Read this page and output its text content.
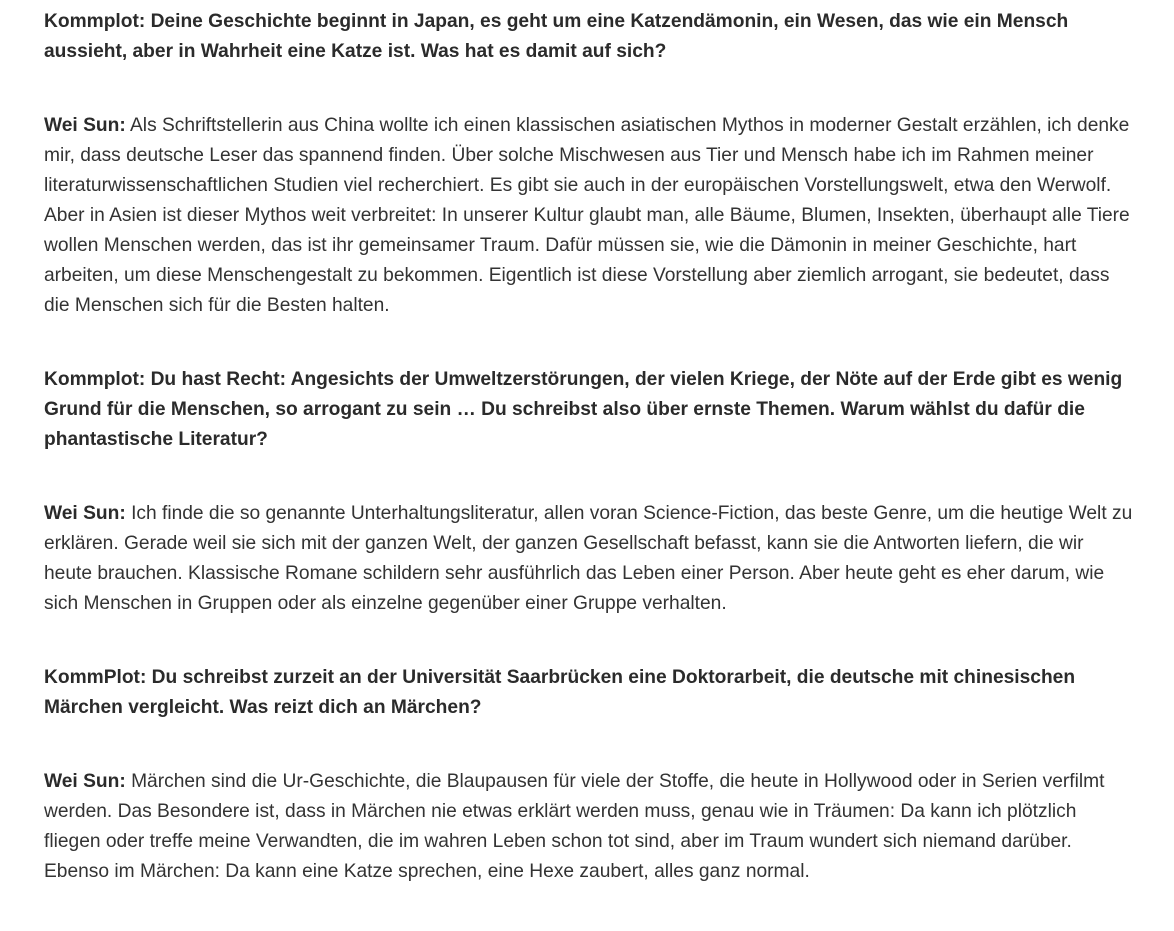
Kommplot: Deine Geschichte beginnt in Japan, es geht um eine Katzendämonin, ein Wesen, das wie ein Mensch aussieht, aber in Wahrheit eine Katze ist. Was hat es damit auf sich?

Wei Sun: Als Schriftstellerin aus China wollte ich einen klassischen asiatischen Mythos in moderner Gestalt erzählen, ich denke mir, dass deutsche Leser das spannend finden. Über solche Mischwesen aus Tier und Mensch habe ich im Rahmen meiner literaturwissenschaftlichen Studien viel recherchiert. Es gibt sie auch in der europäischen Vorstellungswelt, etwa den Werwolf. Aber in Asien ist dieser Mythos weit verbreitet: In unserer Kultur glaubt man, alle Bäume, Blumen, Insekten, überhaupt alle Tiere wollen Menschen werden, das ist ihr gemeinsamer Traum. Dafür müssen sie, wie die Dämonin in meiner Geschichte, hart arbeiten, um diese Menschengestalt zu bekommen. Eigentlich ist diese Vorstellung aber ziemlich arrogant, sie bedeutet, dass die Menschen sich für die Besten halten.

Kommplot: Du hast Recht: Angesichts der Umweltzerstörungen, der vielen Kriege, der Nöte auf der Erde gibt es wenig Grund für die Menschen, so arrogant zu sein … Du schreibst also über ernste Themen. Warum wählst du dafür die phantastische Literatur?

Wei Sun: Ich finde die so genannte Unterhaltungsliteratur, allen voran Science-Fiction, das beste Genre, um die heutige Welt zu erklären. Gerade weil sie sich mit der ganzen Welt, der ganzen Gesellschaft befasst, kann sie die Antworten liefern, die wir heute brauchen. Klassische Romane schildern sehr ausführlich das Leben einer Person. Aber heute geht es eher darum, wie sich Menschen in Gruppen oder als einzelne gegenüber einer Gruppe verhalten.

KommPlot: Du schreibst zurzeit an der Universität Saarbrücken eine Doktorarbeit, die deutsche mit chinesischen Märchen vergleicht. Was reizt dich an Märchen?

Wei Sun: Märchen sind die Ur-Geschichte, die Blaupausen für viele der Stoffe, die heute in Hollywood oder in Serien verfilmt werden. Das Besondere ist, dass in Märchen nie etwas erklärt werden muss, genau wie in Träumen: Da kann ich plötzlich fliegen oder treffe meine Verwandten, die im wahren Leben schon tot sind, aber im Traum wundert sich niemand darüber. Ebenso im Märchen: Da kann eine Katze sprechen, eine Hexe zaubert, alles ganz normal.
